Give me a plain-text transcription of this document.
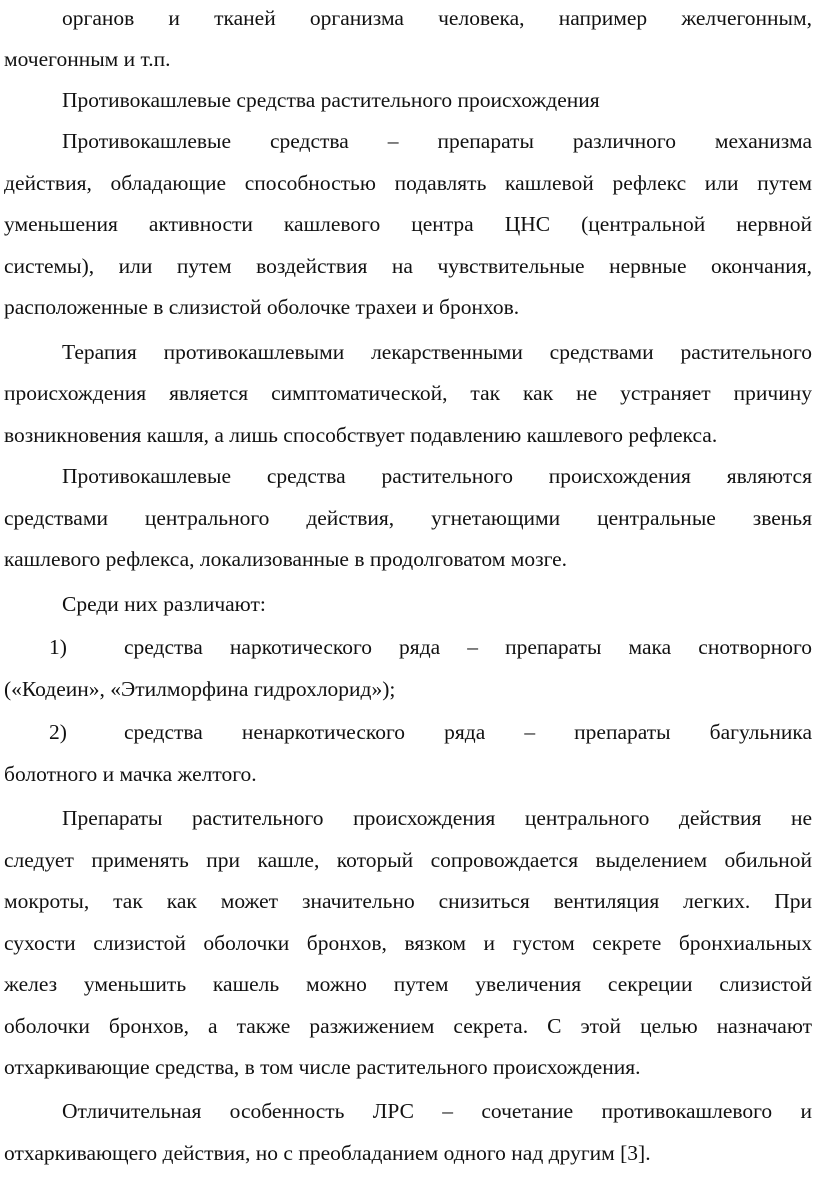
органов и тканей организма человека, например желчегонным,
мочегонным и т.п.
Противокашлевые средства растительного происхождения
Противокашлевые средства – препараты различного механизма
действия, обладающие способностью подавлять кашлевой рефлекс или путем
уменьшения активности кашлевого центра ЦНС (центральной нервной
системы), или путем воздействия на чувствительные нервные окончания,
расположенные в слизистой оболочке трахеи и бронхов.
Терапия противокашлевыми лекарственными средствами растительного
происхождения является симптоматической, так как не устраняет причину
возникновения кашля, а лишь способствует подавлению кашлевого рефлекса.
Противокашлевые средства растительного происхождения являются
средствами центрального действия, угнетающими центральные звенья
кашлевого рефлекса, локализованные в продолговатом мозге.
Среди них различают:
1)	средства наркотического ряда – препараты мака снотворного
(«Кодеин», «Этилморфина гидрохлорид»);
2)	средства ненаркотического ряда – препараты багульника
болотного и мачка желтого.
Препараты растительного происхождения центрального действия не
следует применять при кашле, который сопровождается выделением обильной
мокроты, так как может значительно снизиться вентиляция легких. При
сухости слизистой оболочки бронхов, вязком и густом секрете бронхиальных
желез уменьшить кашель можно путем увеличения секреции слизистой
оболочки бронхов, а также разжижением секрета. С этой целью назначают
отхаркивающие средства, в том числе растительного происхождения.
Отличительная особенность ЛРС – сочетание противокашлевого и
отхаркивающего действия, но с преобладанием одного над другим [3].
